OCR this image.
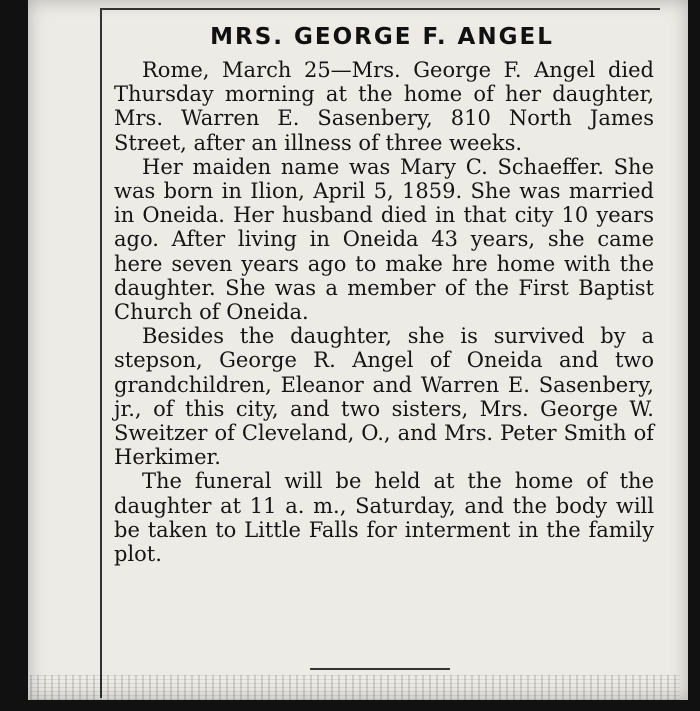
MRS. GEORGE F. ANGEL

Rome, March 25—Mrs. George F. Angel died Thursday morning at the home of her daughter, Mrs. Warren E. Sasenbery, 810 North James Street, after an illness of three weeks.

Her maiden name was Mary C. Schaeffer. She was born in Ilion, April 5, 1859. She was married in Oneida. Her husband died in that city 10 years ago. After living in Oneida 43 years, she came here seven years ago to make hre home with the daughter. She was a member of the First Baptist Church of Oneida.

Besides the daughter, she is survived by a stepson, George R. Angel of Oneida and two grandchildren, Eleanor and Warren E. Sasenbery, jr., of this city, and two sisters, Mrs. George W. Sweitzer of Cleveland, O., and Mrs. Peter Smith of Herkimer.

The funeral will be held at the home of the daughter at 11 a. m., Saturday, and the body will be taken to Little Falls for interment in the family plot.
